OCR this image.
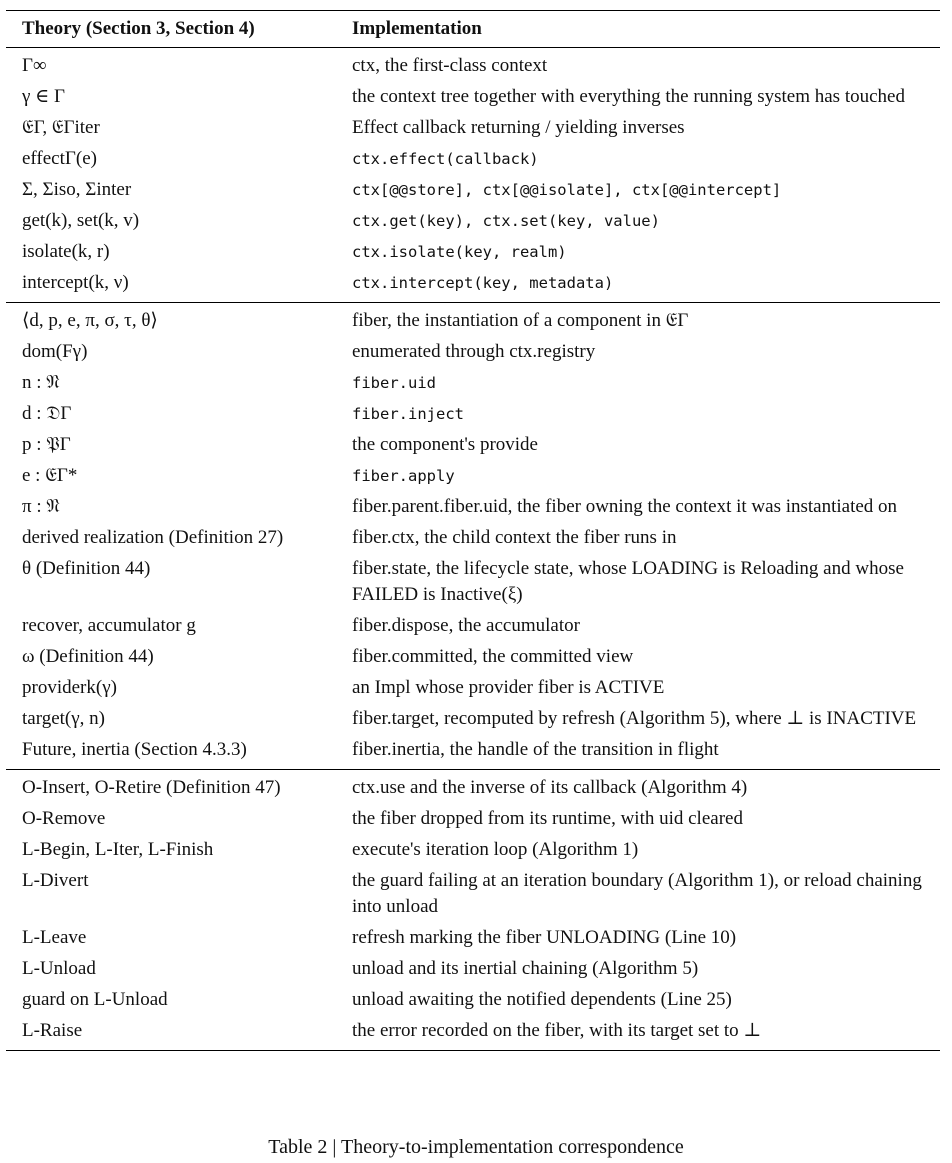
Theory (Section 3, Section 4)	Implementation
Γ∞	ctx, the first-class context
γ ∈ Γ	the context tree together with everything the running system has touched
𝔈Γ, 𝔈Γiter	Effect callback returning / yielding inverses
effectΓ(e)	ctx.effect(callback)
Σ, Σiso, Σinter	ctx[@@store], ctx[@@isolate], ctx[@@intercept]
get(k), set(k, v)	ctx.get(key), ctx.set(key, value)
isolate(k, r)	ctx.isolate(key, realm)
intercept(k, ν)	ctx.intercept(key, metadata)
⟨d, p, e, π, σ, τ, θ⟩	fiber, the instantiation of a component in 𝔈Γ
dom(Fγ)	enumerated through ctx.registry
n : 𝔑	fiber.uid
d : 𝔇Γ	fiber.inject
p : 𝔓Γ	the component's provide
e : 𝔈Γ*	fiber.apply
π : 𝔑	fiber.parent.fiber.uid, the fiber owning the context it was instantiated on
derived realization (Definition 27)	fiber.ctx, the child context the fiber runs in
θ (Definition 44)	fiber.state, the lifecycle state, whose LOADING is Reloading and whose FAILED is Inactive(ξ)
recover, accumulator g	fiber.dispose, the accumulator
ω (Definition 44)	fiber.committed, the committed view
providerk(γ)	an Impl whose provider fiber is ACTIVE
target(γ, n)	fiber.target, recomputed by refresh (Algorithm 5), where ⊥ is INACTIVE
Future, inertia (Section 4.3.3)	fiber.inertia, the handle of the transition in flight
O-Insert, O-Retire (Definition 47)	ctx.use and the inverse of its callback (Algorithm 4)
O-Remove	the fiber dropped from its runtime, with uid cleared
L-Begin, L-Iter, L-Finish	execute's iteration loop (Algorithm 1)
L-Divert	the guard failing at an iteration boundary (Algorithm 1), or reload chaining into unload
L-Leave	refresh marking the fiber UNLOADING (Line 10)
L-Unload	unload and its inertial chaining (Algorithm 5)
guard on L-Unload	unload awaiting the notified dependents (Line 25)
L-Raise	the error recorded on the fiber, with its target set to ⊥
Table 2 | Theory-to-implementation correspondence
